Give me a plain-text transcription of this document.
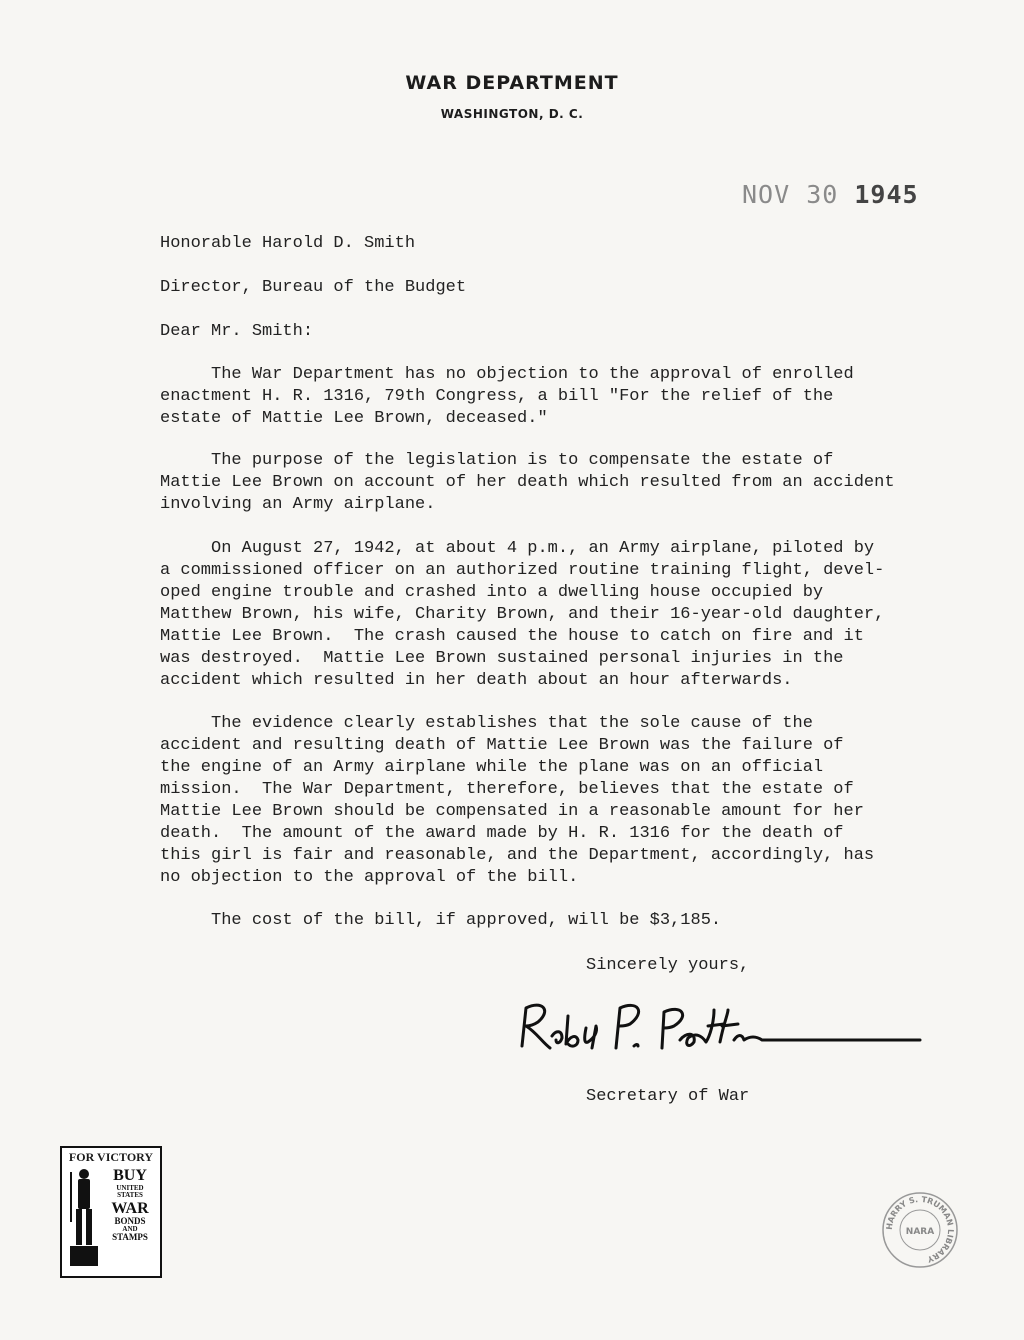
WAR DEPARTMENT
WASHINGTON, D. C.
NOV 30 1945
Honorable Harold D. Smith
Director, Bureau of the Budget
Dear Mr. Smith:
The War Department has no objection to the approval of enrolled
enactment H. R. 1316, 79th Congress, a bill "For the relief of the
estate of Mattie Lee Brown, deceased."
The purpose of the legislation is to compensate the estate of
Mattie Lee Brown on account of her death which resulted from an accident
involving an Army airplane.
On August 27, 1942, at about 4 p.m., an Army airplane, piloted by
a commissioned officer on an authorized routine training flight, devel-
oped engine trouble and crashed into a dwelling house occupied by
Matthew Brown, his wife, Charity Brown, and their 16-year-old daughter,
Mattie Lee Brown.  The crash caused the house to catch on fire and it
was destroyed.  Mattie Lee Brown sustained personal injuries in the
accident which resulted in her death about an hour afterwards.
The evidence clearly establishes that the sole cause of the
accident and resulting death of Mattie Lee Brown was the failure of
the engine of an Army airplane while the plane was on an official
mission.  The War Department, therefore, believes that the estate of
Mattie Lee Brown should be compensated in a reasonable amount for her
death.  The amount of the award made by H. R. 1316 for the death of
this girl is fair and reasonable, and the Department, accordingly, has
no objection to the approval of the bill.
The cost of the bill, if approved, will be $3,185.
Sincerely yours,
Secretary of War
FOR VICTORY
BUY
UNITED
STATES
WAR
BONDS
AND
STAMPS
HARRY S. TRUMAN LIBRARY
NARA
